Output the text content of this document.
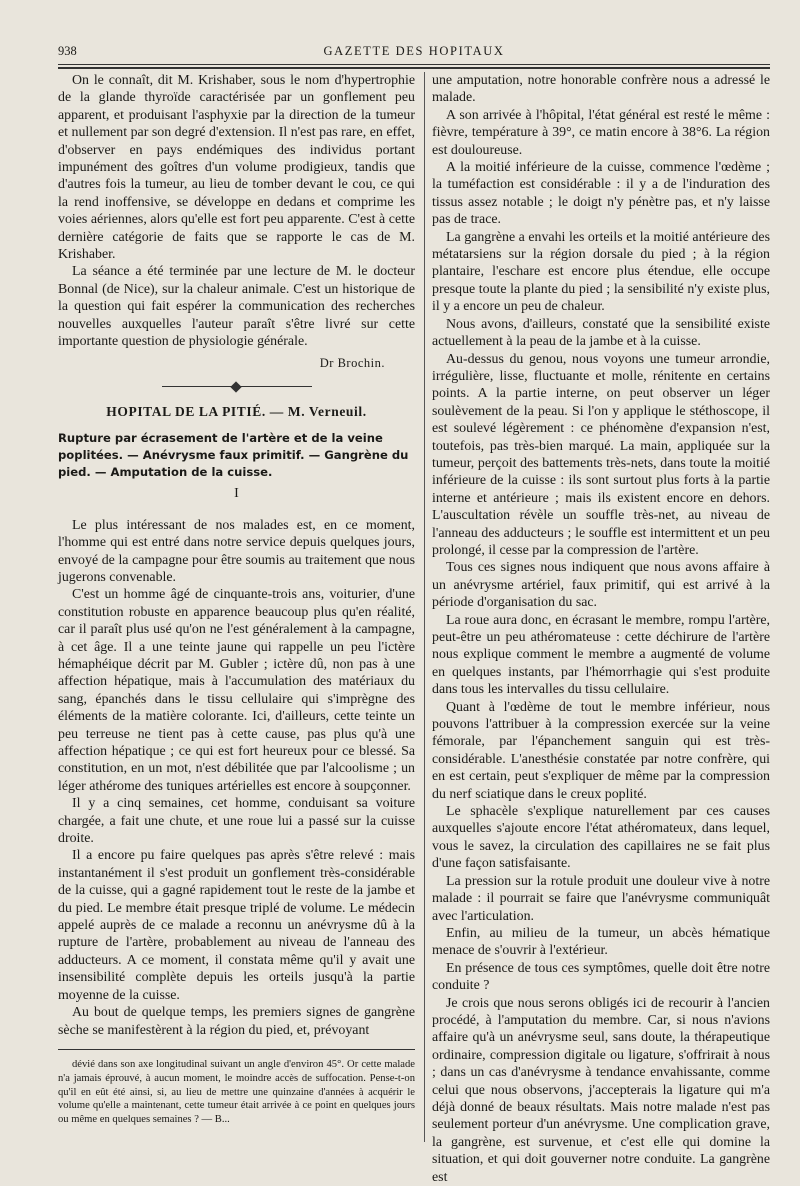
938	GAZETTE DES HOPITAUX

On le connaît, dit M. Krishaber, sous le nom d'hypertrophie de la glande thyroïde caractérisée par un gonflement peu apparent, et produisant l'asphyxie par la direction de la tumeur et nullement par son degré d'extension. Il n'est pas rare, en effet, d'observer en pays endémiques des individus portant impunément des goîtres d'un volume prodigieux, tandis que d'autres fois la tumeur, au lieu de tomber devant le cou, ce qui la rend inoffensive, se développe en dedans et comprime les voies aériennes, alors qu'elle est fort peu apparente. C'est à cette dernière catégorie de faits que se rapporte le cas de M. Krishaber.

La séance a été terminée par une lecture de M. le docteur Bonnal (de Nice), sur la chaleur animale. C'est un historique de la question qui fait espérer la communication des recherches nouvelles auxquelles l'auteur paraît s'être livré sur cette importante question de physiologie générale.

Dr Brochin.
HOPITAL DE LA PITIÉ. — M. Verneuil.

Rupture par écrasement de l'artère et de la veine poplitées. — Anévrysme faux primitif. — Gangrène du pied. — Amputation de la cuisse.

I

Le plus intéressant de nos malades est, en ce moment, l'homme qui est entré dans notre service depuis quelques jours, envoyé de la campagne pour être soumis au traitement que nous jugerons convenable.

C'est un homme âgé de cinquante-trois ans, voiturier, d'une constitution robuste en apparence beaucoup plus qu'en réalité, car il paraît plus usé qu'on ne l'est généralement à la campagne, à cet âge. Il a une teinte jaune qui rappelle un peu l'ictère hémaphéique décrit par M. Gubler ; ictère dû, non pas à une affection hépatique, mais à l'accumulation des matériaux du sang, épanchés dans le tissu cellulaire qui s'imprègne des éléments de la matière colorante. Ici, d'ailleurs, cette teinte un peu terreuse ne tient pas à cette cause, pas plus qu'à une affection hépatique ; ce qui est fort heureux pour ce blessé. Sa constitution, en un mot, n'est débilitée que par l'alcoolisme ; un léger athérome des tuniques artérielles est encore à soupçonner.

Il y a cinq semaines, cet homme, conduisant sa voiture chargée, a fait une chute, et une roue lui a passé sur la cuisse droite.

Il a encore pu faire quelques pas après s'être relevé : mais instantanément il s'est produit un gonflement très-considérable de la cuisse, qui a gagné rapidement tout le reste de la jambe et du pied. Le membre était presque triplé de volume. Le médecin appelé auprès de ce malade a reconnu un anévrysme dû à la rupture de l'artère, probablement au niveau de l'anneau des adducteurs. A ce moment, il constata même qu'il y avait une insensibilité complète depuis les orteils jusqu'à la partie moyenne de la cuisse.

Au bout de quelque temps, les premiers signes de gangrène sèche se manifestèrent à la région du pied, et, prévoyant

dévié dans son axe longitudinal suivant un angle d'environ 45°. Or cette malade n'a jamais éprouvé, à aucun moment, le moindre accès de suffocation. Pense-t-on qu'il en eût été ainsi, si, au lieu de mettre une quinzaine d'années à acquérir le volume qu'elle a maintenant, cette tumeur était arrivée à ce point en quelques jours ou même en quelques semaines ? — B...

une amputation, notre honorable confrère nous a adressé le malade.

A son arrivée à l'hôpital, l'état général est resté le même : fièvre, température à 39°, ce matin encore à 38°6. La région est douloureuse.

A la moitié inférieure de la cuisse, commence l'œdème ; la tuméfaction est considérable : il y a de l'induration des tissus assez notable ; le doigt n'y pénètre pas, et n'y laisse pas de trace.

La gangrène a envahi les orteils et la moitié antérieure des métatarsiens sur la région dorsale du pied ; à la région plantaire, l'eschare est encore plus étendue, elle occupe presque toute la plante du pied ; la sensibilité n'y existe plus, il y a encore un peu de chaleur.

Nous avons, d'ailleurs, constaté que la sensibilité existe actuellement à la peau de la jambe et à la cuisse.

Au-dessus du genou, nous voyons une tumeur arrondie, irrégulière, lisse, fluctuante et molle, rénitente en certains points. A la partie interne, on peut observer un léger soulèvement de la peau. Si l'on y applique le stéthoscope, il est soulevé légèrement : ce phénomène d'expansion n'est, toutefois, pas très-bien marqué. La main, appliquée sur la tumeur, perçoit des battements très-nets, dans toute la moitié inférieure de la cuisse : ils sont surtout plus forts à la partie interne et antérieure ; mais ils existent encore en dehors. L'auscultation révèle un souffle très-net, au niveau de l'anneau des adducteurs ; le souffle est intermittent et un peu prolongé, il cesse par la compression de l'artère.

Tous ces signes nous indiquent que nous avons affaire à un anévrysme artériel, faux primitif, qui est arrivé à la période d'organisation du sac.

La roue aura donc, en écrasant le membre, rompu l'artère, peut-être un peu athéromateuse : cette déchirure de l'artère nous explique comment le membre a augmenté de volume en quelques instants, par l'hémorrhagie qui s'est produite dans tous les intervalles du tissu cellulaire.

Quant à l'œdème de tout le membre inférieur, nous pouvons l'attribuer à la compression exercée sur la veine fémorale, par l'épanchement sanguin qui est très-considérable. L'anesthésie constatée par notre confrère, qui en est certain, peut s'expliquer de même par la compression du nerf sciatique dans le creux poplité.

Le sphacèle s'explique naturellement par ces causes auxquelles s'ajoute encore l'état athéromateux, dans lequel, vous le savez, la circulation des capillaires ne se fait plus d'une façon satisfaisante.

La pression sur la rotule produit une douleur vive à notre malade : il pourrait se faire que l'anévrysme communiquât avec l'articulation.

Enfin, au milieu de la tumeur, un abcès hématique menace de s'ouvrir à l'extérieur.

En présence de tous ces symptômes, quelle doit être notre conduite ?

Je crois que nous serons obligés ici de recourir à l'ancien procédé, à l'amputation du membre. Car, si nous n'avions affaire qu'à un anévrysme seul, sans doute, la thérapeutique ordinaire, compression digitale ou ligature, s'offrirait à nous ; dans un cas d'anévrysme à tendance envahissante, comme celui que nous observons, j'accepterais la ligature qui m'a déjà donné de beaux résultats. Mais notre malade n'est pas seulement porteur d'un anévrysme. Une complication grave, la gangrène, est survenue, et c'est elle qui domine la situation, et qui doit gouverner notre conduite. La gangrène est
